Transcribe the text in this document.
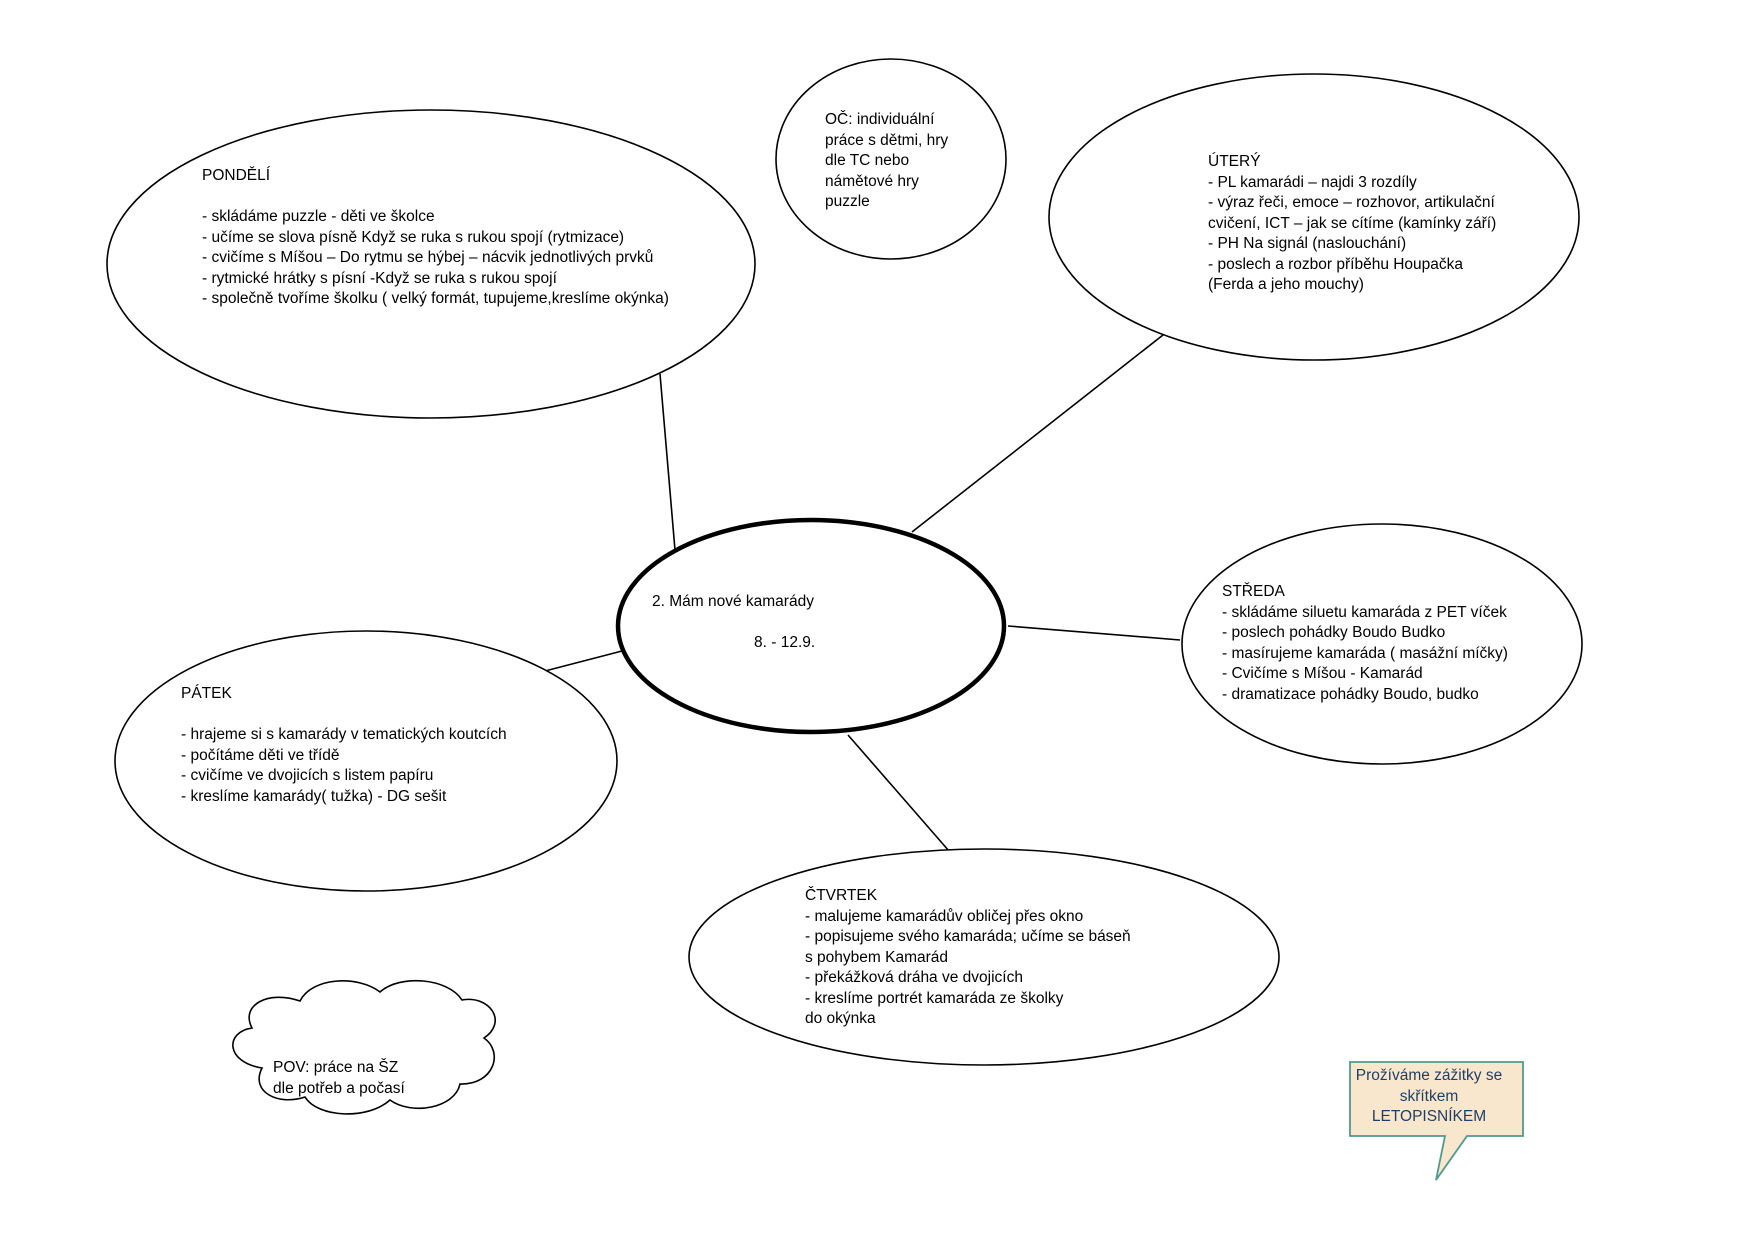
OČ: individuální
práce s dětmi, hry
dle TC nebo
námětové hry
puzzle
PONDĚLÍ
- skládáme puzzle - děti ve školce
- učíme se slova písně Když se ruka s rukou spojí (rytmizace)
- cvičíme s Míšou – Do rytmu se hýbej – nácvik jednotlivých prvků
- rytmické hrátky s písní -Když se ruka s rukou spojí
- společně tvoříme školku ( velký formát, tupujeme,kreslíme okýnka)
ÚTERÝ
- PL kamarádi – najdi 3 rozdíly
- výraz řeči, emoce – rozhovor, artikulační
cvičení, ICT – jak se cítíme (kamínky září)
- PH Na signál (naslouchání)
- poslech a rozbor příběhu Houpačka
(Ferda a jeho mouchy)
2. Mám nové kamarády
8. - 12.9.
STŘEDA
- skládáme siluetu kamaráda z PET víček
- poslech pohádky Boudo Budko
- masírujeme kamaráda ( masážní míčky)
- Cvičíme s Míšou - Kamarád
- dramatizace pohádky Boudo, budko
PÁTEK
- hrajeme si s kamarády v tematických koutcích
- počítáme děti ve třídě
- cvičíme ve dvojicích s listem papíru
- kreslíme kamarády( tužka) - DG sešit
ČTVRTEK
- malujeme kamarádův obličej přes okno
- popisujeme svého kamaráda; učíme se báseň
s pohybem Kamarád
- překážková dráha ve dvojicích
- kreslíme portrét kamaráda ze školky
do okýnka
POV: práce na ŠZ
dle potřeb a počasí
Prožíváme zážitky se skřítkem LETOPISNÍKEM
